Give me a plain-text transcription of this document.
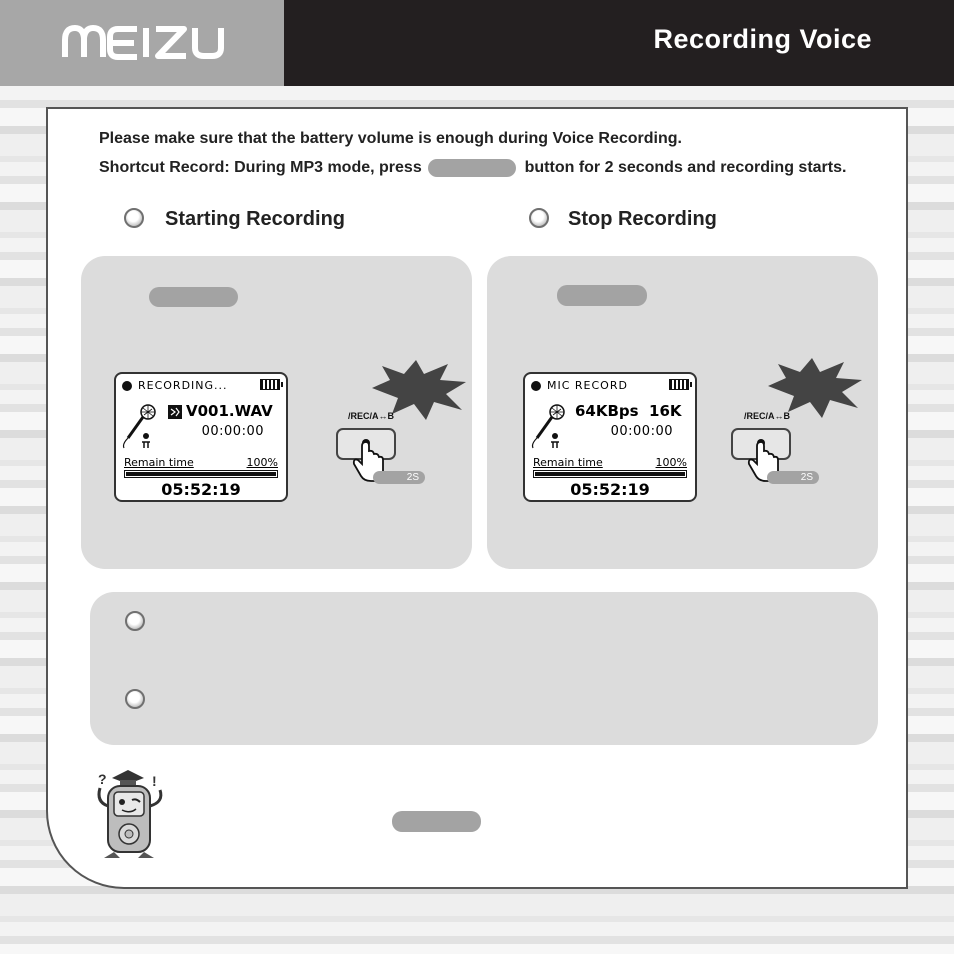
Recording Voice
Please make sure that the battery volume is enough during Voice Recording.
Shortcut Record: During MP3 mode, press	button for 2 seconds and recording starts.
Starting Recording	Stop Recording
RECORDING...
V001.WAV
00:00:00
Remain time	100%
05:52:19
/REC/A↔B
2S
MIC RECORD
64KBps  16K
00:00:00
Remain time	100%
05:52:19
/REC/A↔B
2S
?	!
